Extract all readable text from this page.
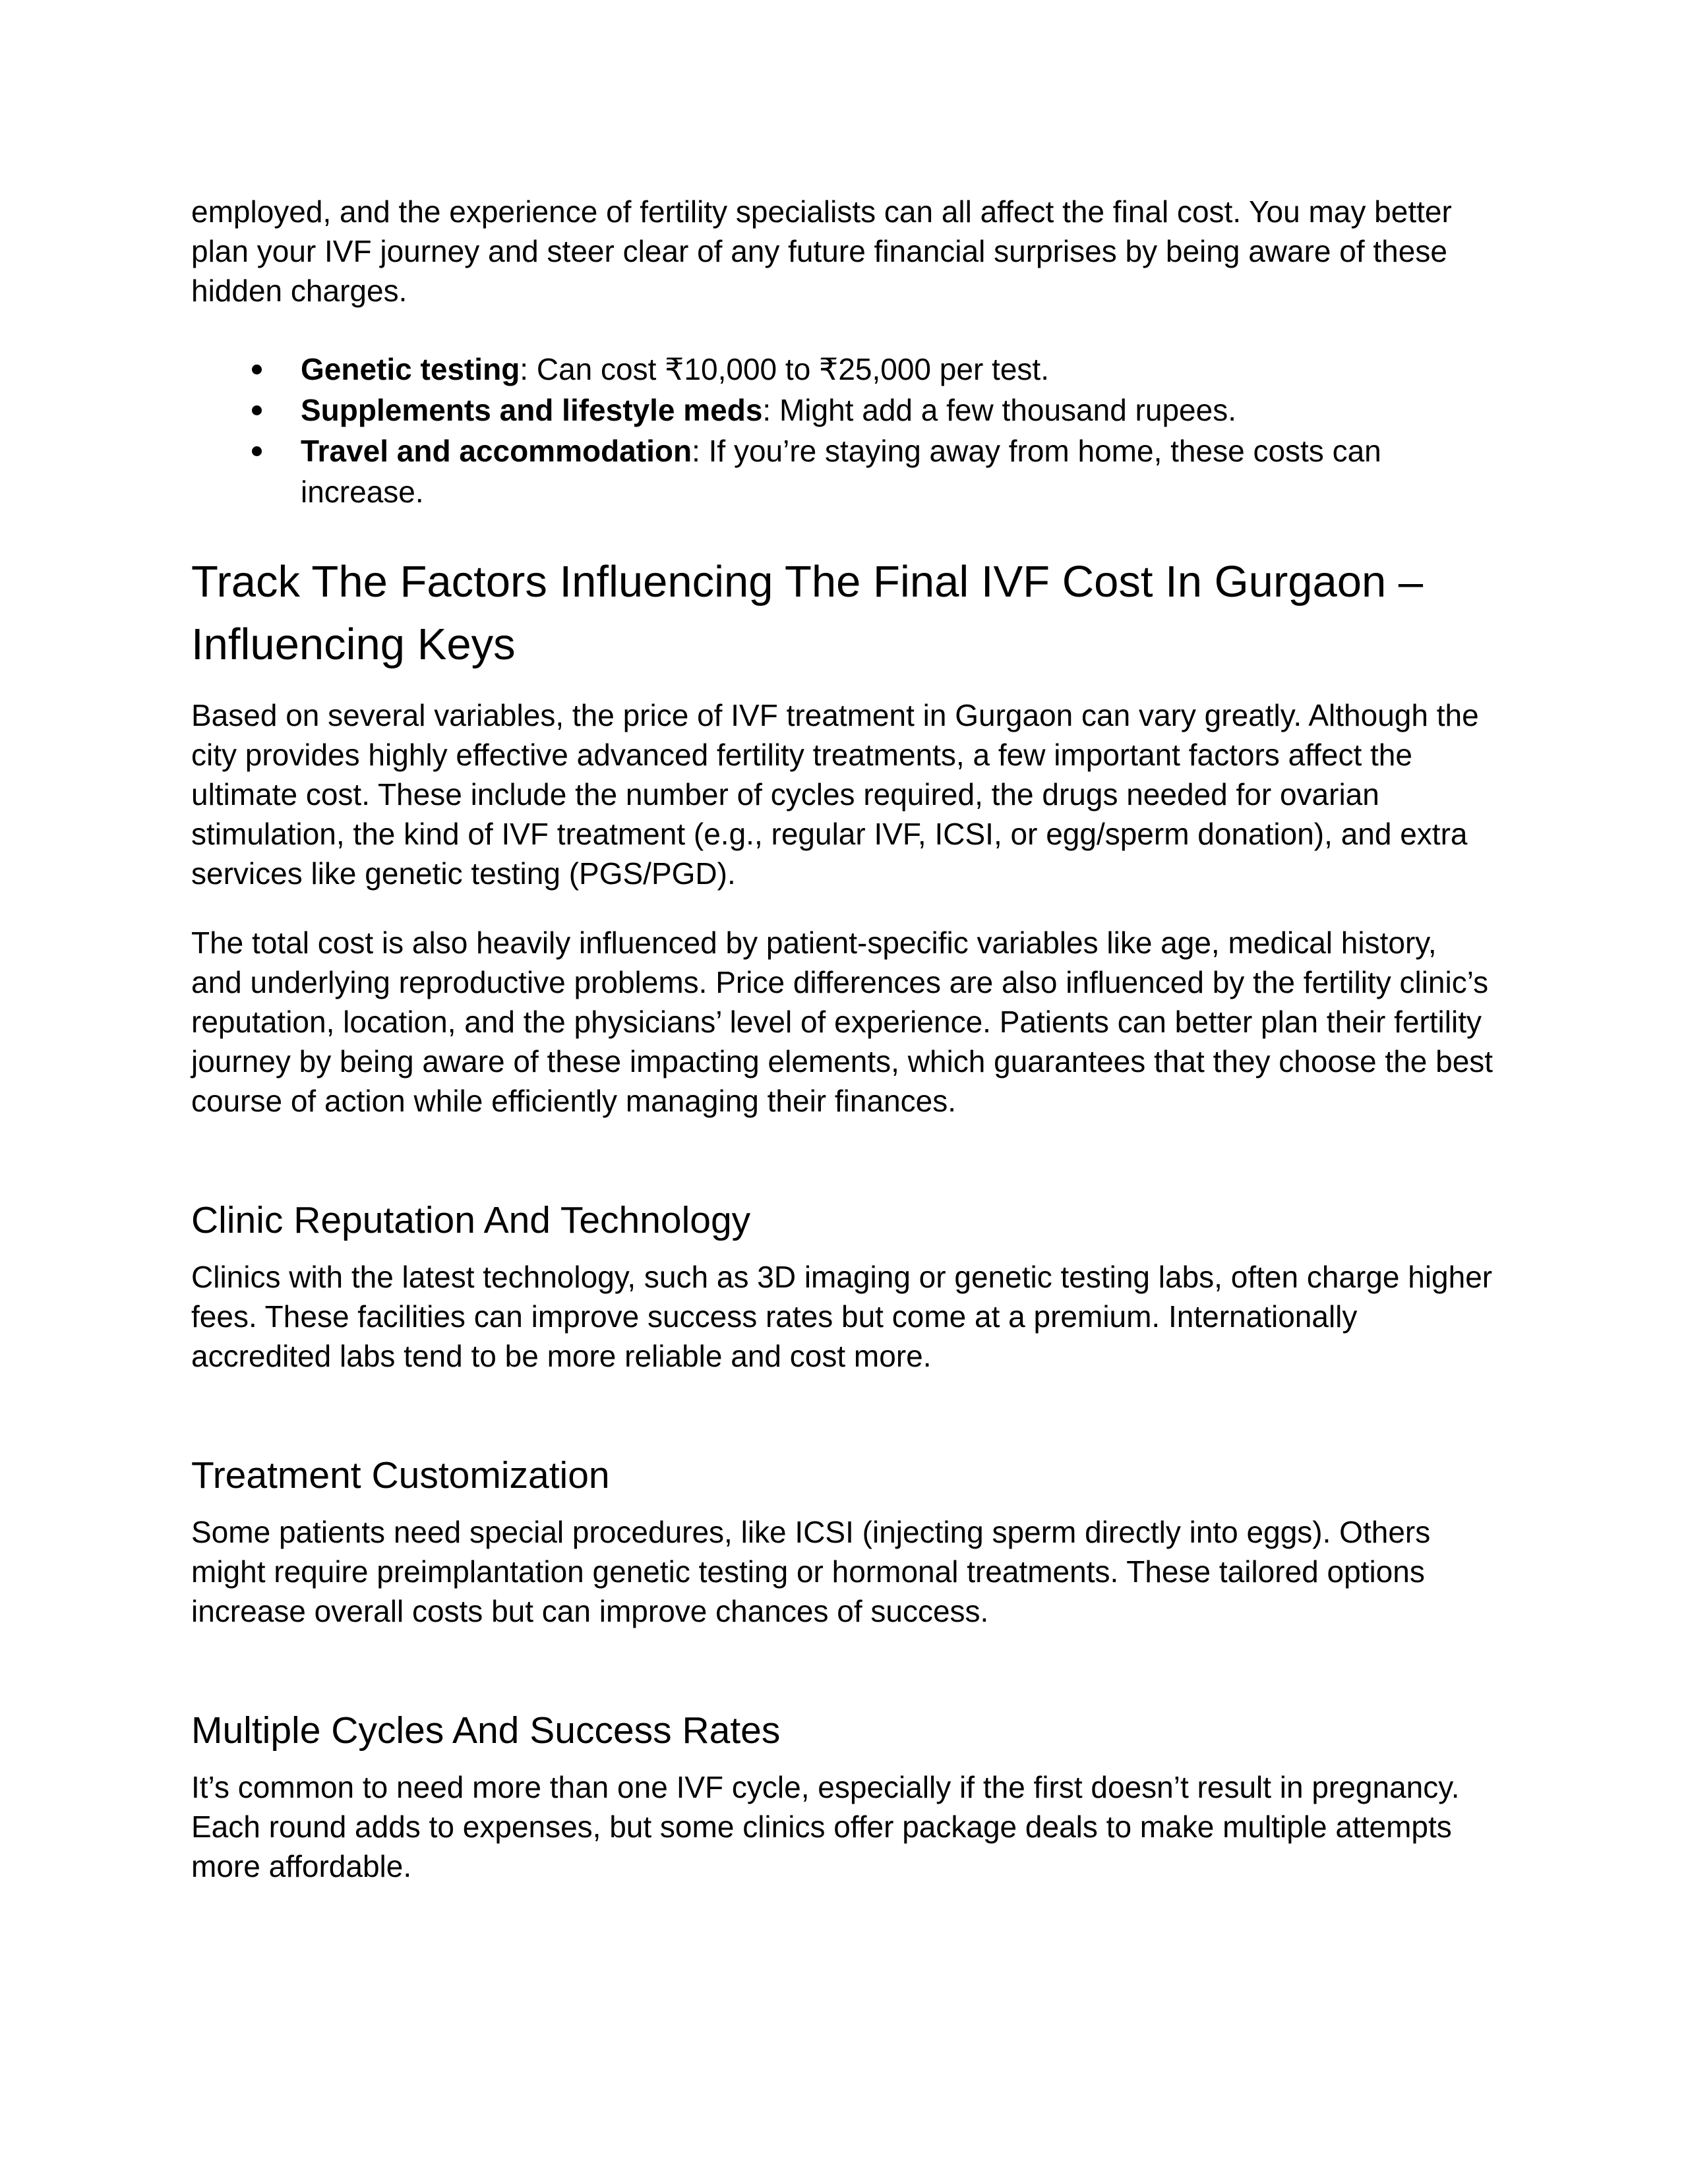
employed, and the experience of fertility specialists can all affect the final cost. You may better plan your IVF journey and steer clear of any future financial surprises by being aware of these hidden charges.

Genetic testing: Can cost ₹10,000 to ₹25,000 per test.
Supplements and lifestyle meds: Might add a few thousand rupees.
Travel and accommodation: If you’re staying away from home, these costs can increase.
Track The Factors Influencing The Final IVF Cost In Gurgaon – Influencing Keys

Based on several variables, the price of IVF treatment in Gurgaon can vary greatly. Although the city provides highly effective advanced fertility treatments, a few important factors affect the ultimate cost. These include the number of cycles required, the drugs needed for ovarian stimulation, the kind of IVF treatment (e.g., regular IVF, ICSI, or egg/sperm donation), and extra services like genetic testing (PGS/PGD).

The total cost is also heavily influenced by patient-specific variables like age, medical history, and underlying reproductive problems. Price differences are also influenced by the fertility clinic’s reputation, location, and the physicians’ level of experience. Patients can better plan their fertility journey by being aware of these impacting elements, which guarantees that they choose the best course of action while efficiently managing their finances.

Clinic Reputation And Technology

Clinics with the latest technology, such as 3D imaging or genetic testing labs, often charge higher fees. These facilities can improve success rates but come at a premium. Internationally accredited labs tend to be more reliable and cost more.

Treatment Customization

Some patients need special procedures, like ICSI (injecting sperm directly into eggs). Others might require preimplantation genetic testing or hormonal treatments. These tailored options increase overall costs but can improve chances of success.

Multiple Cycles And Success Rates

It’s common to need more than one IVF cycle, especially if the first doesn’t result in pregnancy. Each round adds to expenses, but some clinics offer package deals to make multiple attempts more affordable.
